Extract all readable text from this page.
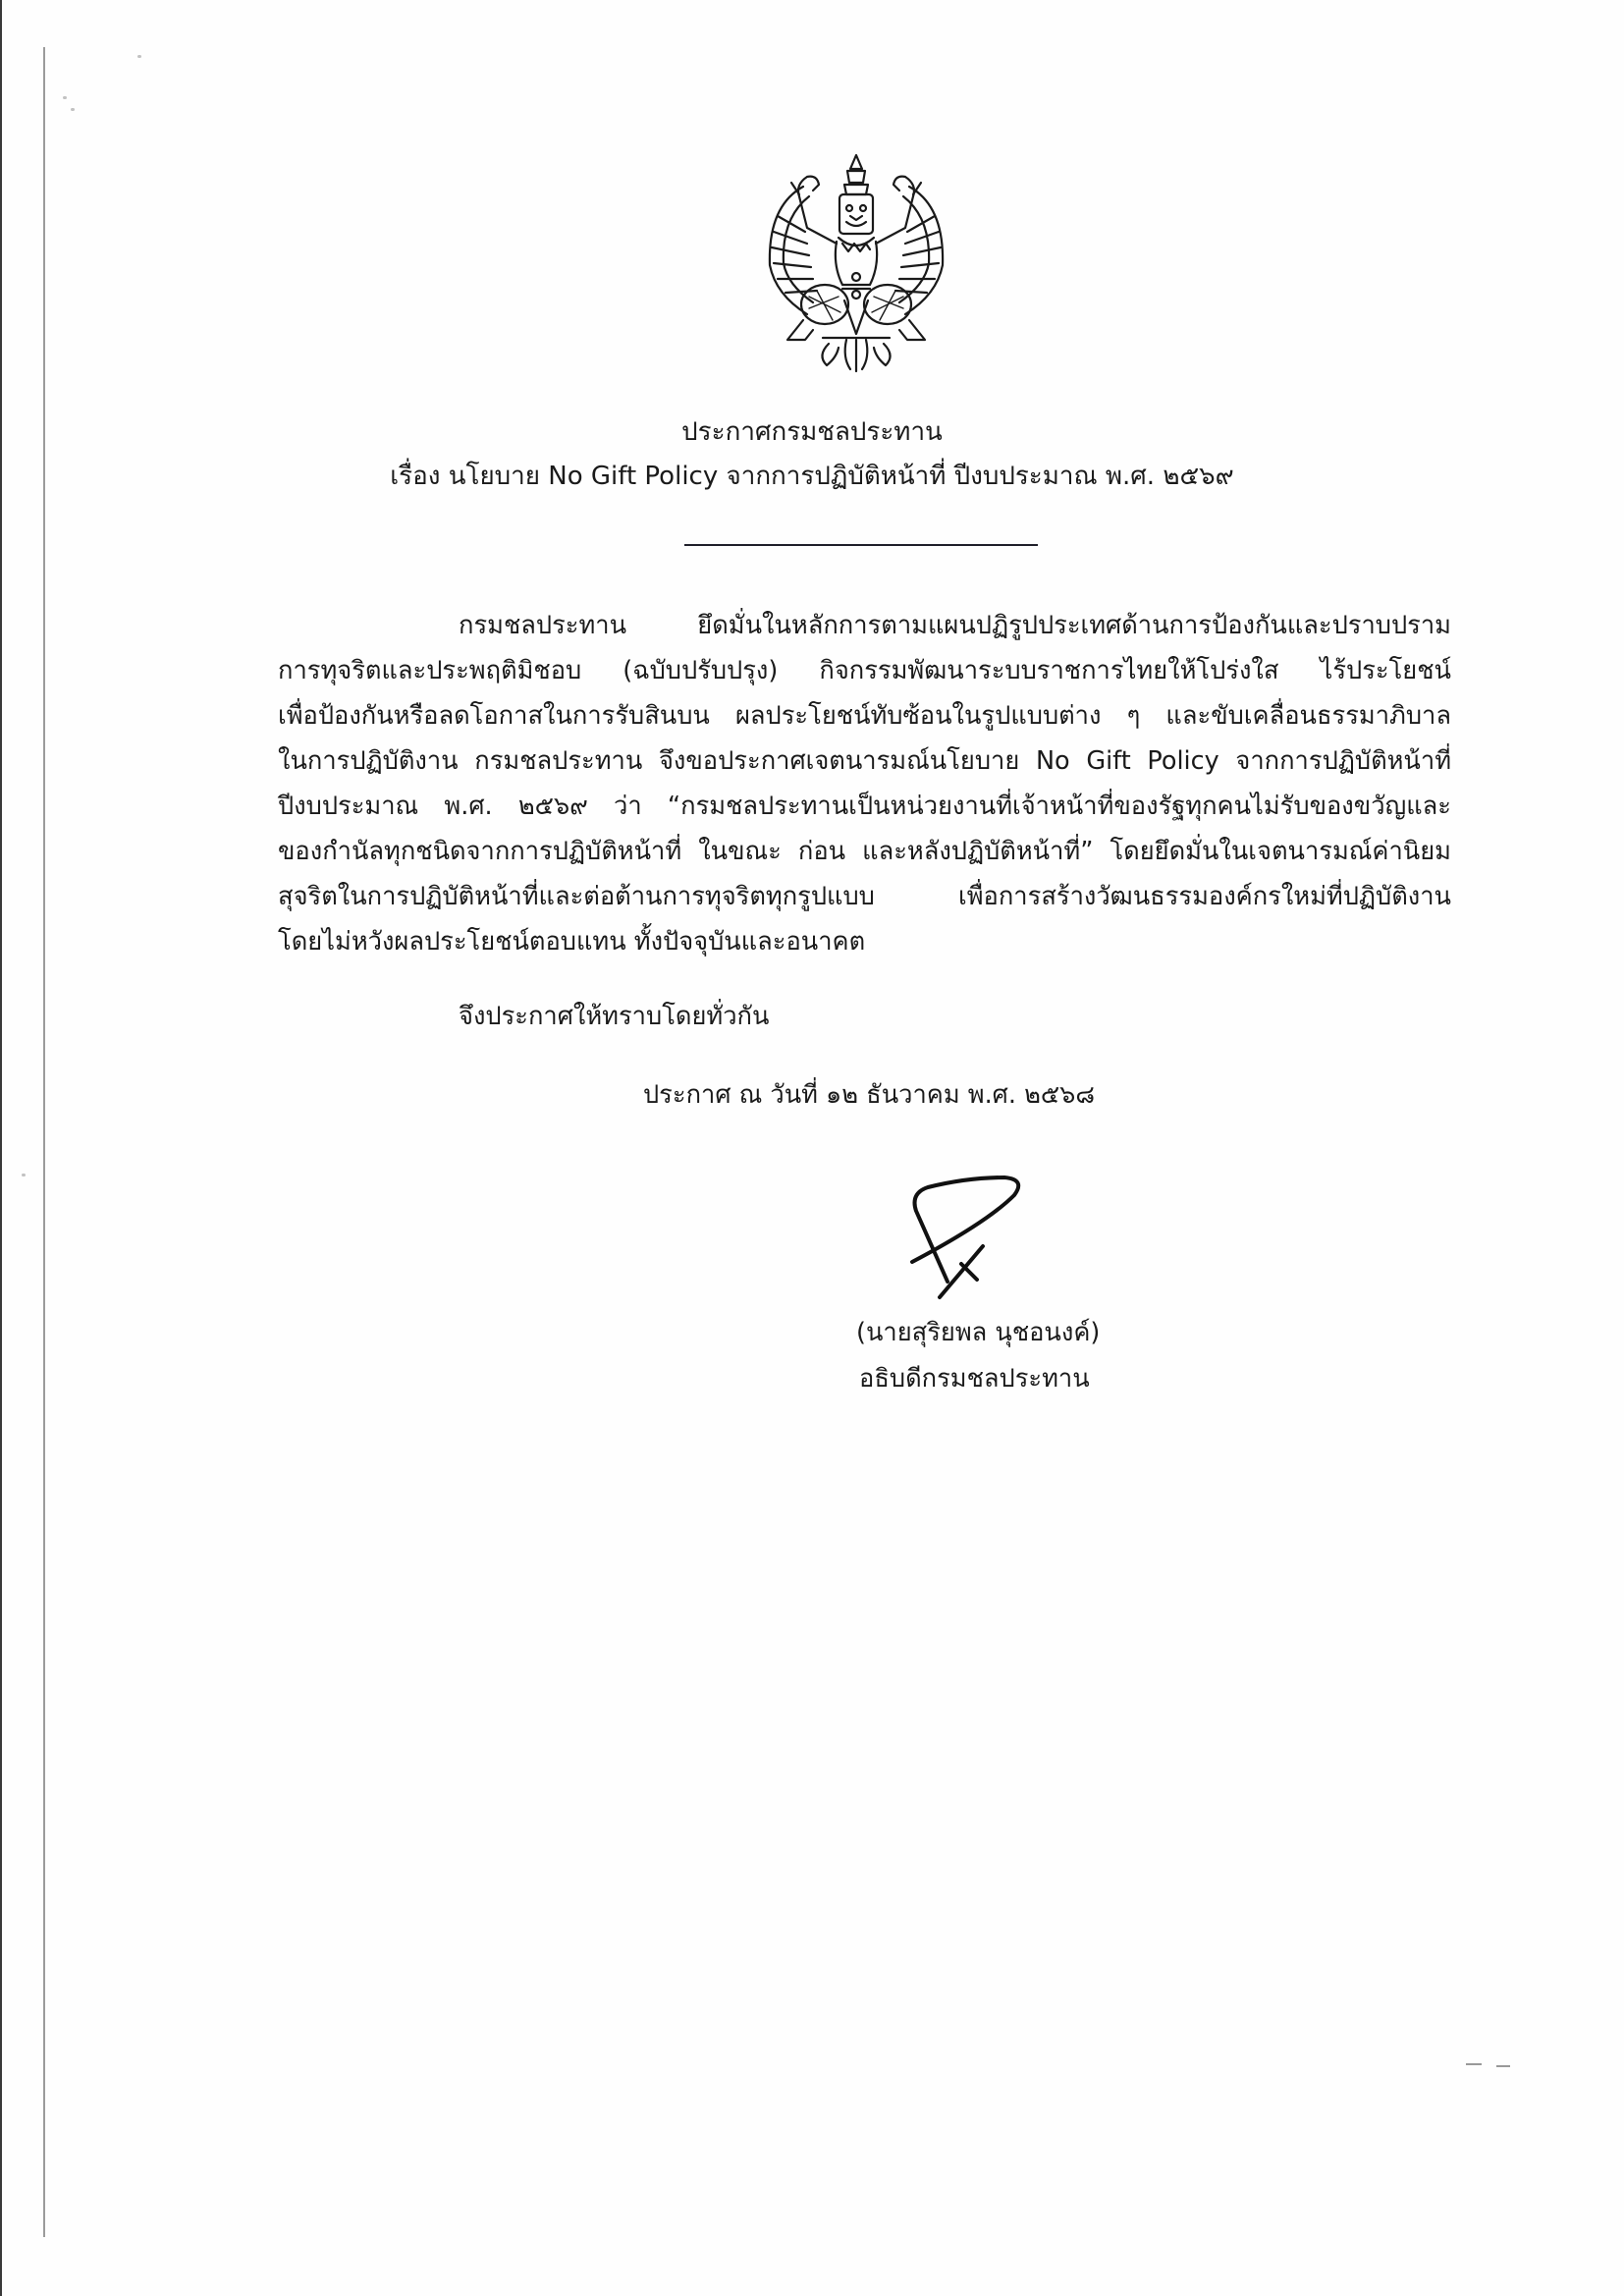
ประกาศกรมชลประทาน
เรื่อง นโยบาย No Gift Policy จากการปฏิบัติหน้าที่ ปีงบประมาณ พ.ศ. ๒๕๖๙
กรมชลประทาน ยึดมั่นในหลักการตามแผนปฏิรูปประเทศด้านการป้องกันและปราบปราม
การทุจริตและประพฤติมิชอบ (ฉบับปรับปรุง) กิจกรรมพัฒนาระบบราชการไทยให้โปร่งใส ไร้ประโยชน์
เพื่อป้องกันหรือลดโอกาสในการรับสินบน ผลประโยชน์ทับซ้อนในรูปแบบต่าง ๆ และขับเคลื่อนธรรมาภิบาล
ในการปฏิบัติงาน กรมชลประทาน จึงขอประกาศเจตนารมณ์นโยบาย No Gift Policy จากการปฏิบัติหน้าที่
ปีงบประมาณ พ.ศ. ๒๕๖๙ ว่า “กรมชลประทานเป็นหน่วยงานที่เจ้าหน้าที่ของรัฐทุกคนไม่รับของขวัญและ
ของกำนัลทุกชนิดจากการปฏิบัติหน้าที่ ในขณะ ก่อน และหลังปฏิบัติหน้าที่” โดยยึดมั่นในเจตนารมณ์ค่านิยม
สุจริตในการปฏิบัติหน้าที่และต่อต้านการทุจริตทุกรูปแบบ เพื่อการสร้างวัฒนธรรมองค์กรใหม่ที่ปฏิบัติงาน
โดยไม่หวังผลประโยชน์ตอบแทน ทั้งปัจจุบันและอนาคต
จึงประกาศให้ทราบโดยทั่วกัน
ประกาศ ณ วันที่ ๑๒ ธันวาคม พ.ศ. ๒๕๖๘
(นายสุริยพล นุชอนงค์)
อธิบดีกรมชลประทาน
